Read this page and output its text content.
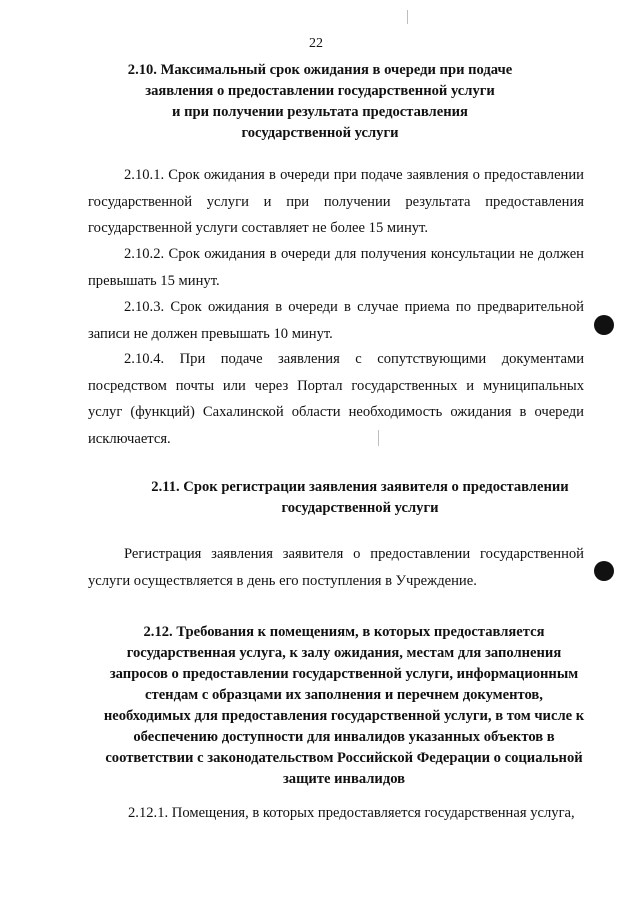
22
2.10. Максимальный срок ожидания в очереди при подаче
заявления о предоставлении государственной услуги
и при получении результата предоставления
государственной услуги
2.10.1. Срок ожидания в очереди при подаче заявления о предоставлении государственной услуги и при получении результата предоставления государственной услуги составляет не более 15 минут.
2.10.2. Срок ожидания в очереди для получения консультации не должен превышать 15 минут.
2.10.3. Срок ожидания в очереди в случае приема по предварительной записи не должен превышать 10 минут.
2.10.4. При подаче заявления с сопутствующими документами посредством почты или через Портал государственных и муниципальных услуг (функций) Сахалинской области необходимость ожидания в очереди исключается.
2.11. Срок регистрации заявления заявителя о предоставлении
государственной услуги
Регистрация заявления заявителя о предоставлении государственной услуги осуществляется в день его поступления в Учреждение.
2.12. Требования к помещениям, в которых предоставляется
государственная услуга, к залу ожидания, местам для заполнения
запросов о предоставлении государственной услуги, информационным
стендам с образцами их заполнения и перечнем документов,
необходимых для предоставления государственной услуги, в том числе к
обеспечению доступности для инвалидов указанных объектов в
соответствии с законодательством Российской Федерации о социальной
защите инвалидов
2.12.1. Помещения, в которых предоставляется государственная услуга,
